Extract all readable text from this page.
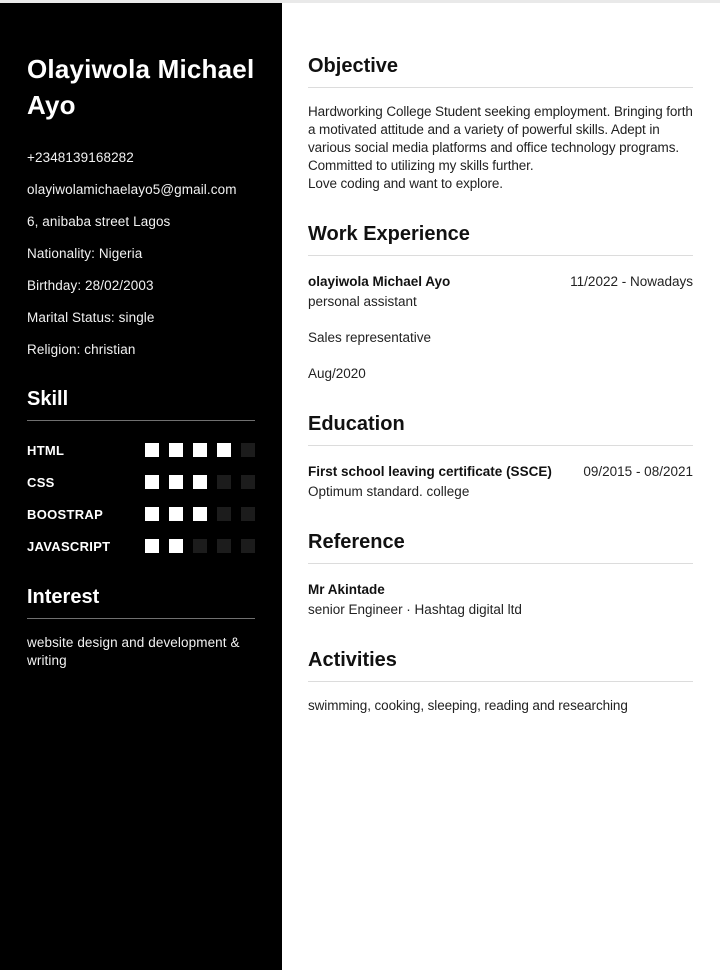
Olayiwola Michael Ayo
+2348139168282
olayiwolamichaelayo5@gmail.com
6, anibaba street Lagos
Nationality: Nigeria
Birthday: 28/02/2003
Marital Status: single
Religion: christian
Skill
HTML
CSS
BOOSTRAP
JAVASCRIPT
Interest
website design and development & writing
Objective
Hardworking College Student seeking employment. Bringing forth a motivated attitude and a variety of powerful skills. Adept in various social media platforms and office technology programs. Committed to utilizing my skills further.
Love coding and want to explore.
Work Experience
olayiwola Michael Ayo	11/2022 - Nowadays
personal assistant
Sales representative
Aug/2020
Education
First school leaving certificate (SSCE) 09/2015 - 08/2021
Optimum standard. college
Reference
Mr Akintade
senior Engineer · Hashtag digital ltd
Activities
swimming, cooking, sleeping, reading and researching
